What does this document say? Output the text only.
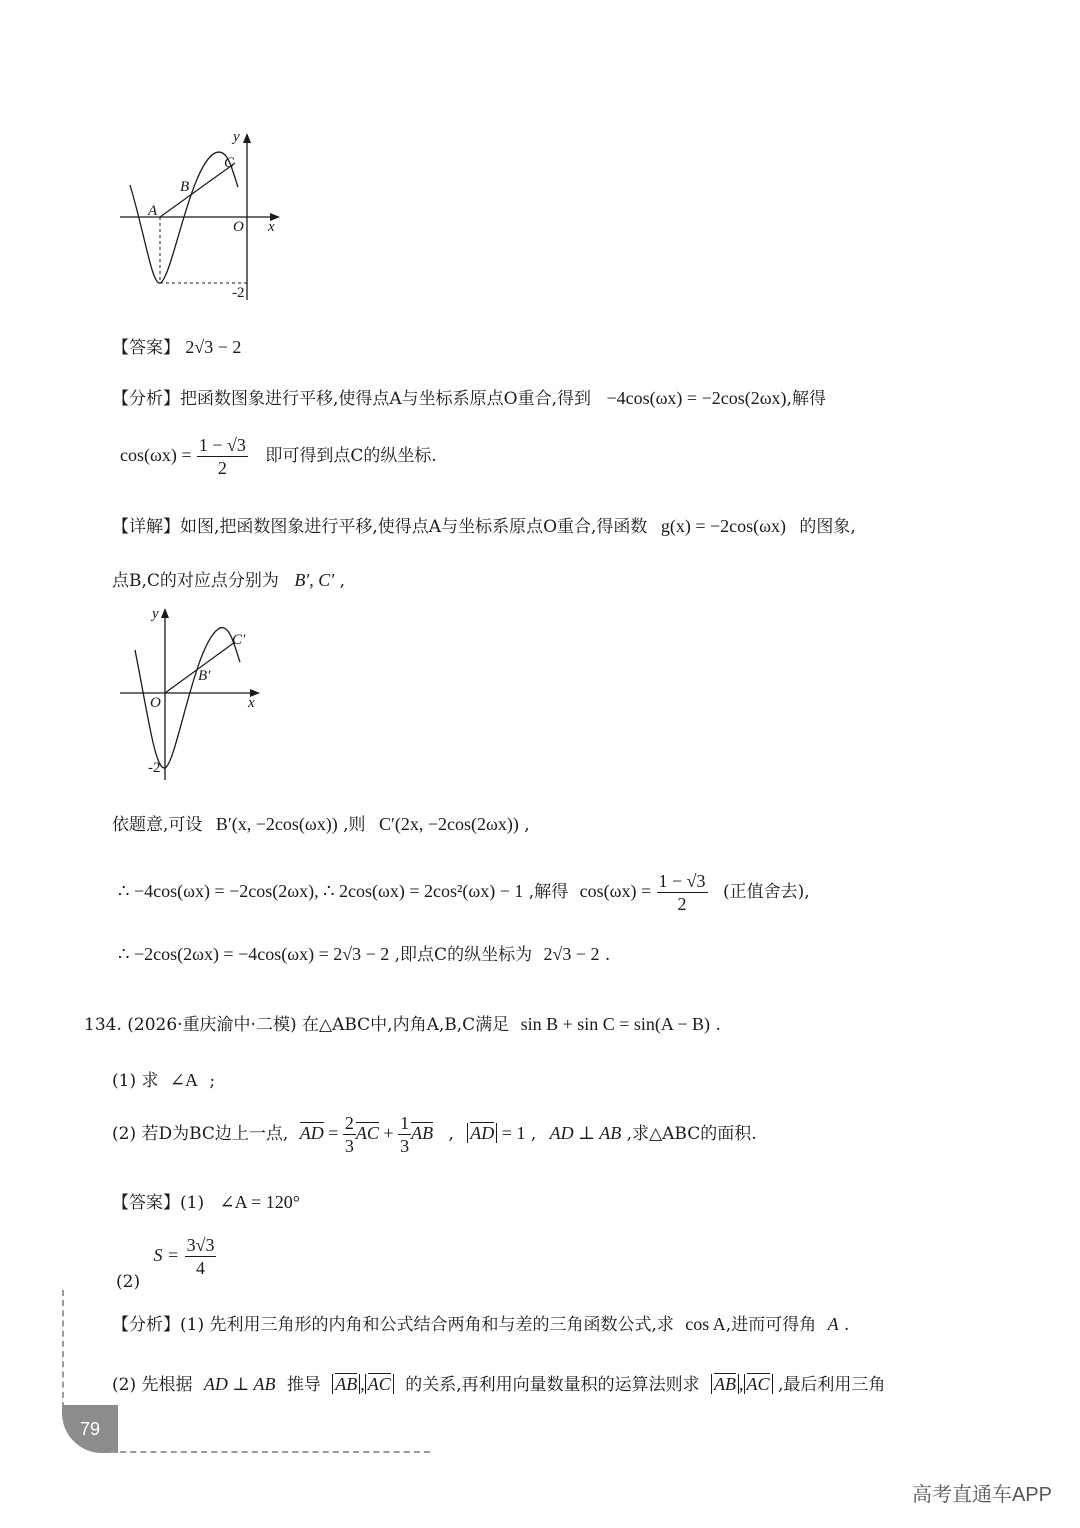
y
x
O
A
B
C
-2
【答案】 2√3 − 2
【分析】把函数图象进行平移,使得点A与坐标系原点O重合,得到 −4cos(ωx) = −2cos(2ωx),解得
$\cos(\omega x) = \frac{1 - √3}{2}$ 即可得到点C的纵坐标.
【详解】如图,把函数图象进行平移,使得点A与坐标系原点O重合,得函数 g(x) = −2cos(ωx) 的图象,
点B,C的对应点分别为 B′, C′ ,
y
x
O
B′
C′
-2
依题意,可设 B′(x, −2cos(ωx)) ,则 C′(2x, −2cos(2ωx)) ,
∴ −4cos(ωx) = −2cos(2ωx), ∴ 2cos(ωx) = 2cos²(ωx) − 1 ,解得 $\cos(\omega x) = \frac{1 - √3}{2}$ (正值舍去),
∴ −2cos(2ωx) = −4cos(ωx) = 2√3 − 2 ,即点C的纵坐标为 2√3 − 2 .
134. (2026·重庆渝中·二模) 在△ABC中,内角A,B,C满足 sin B + sin C = sin(A − B) .
(1) 求 ∠A ;
(2) 若D为BC边上一点, AD = $\frac{2}{3}$ AC + $\frac{1}{3}$ AB , AD = 1 , AD ⊥ AB ,求△ABC的面积.
【答案】(1) ∠A = 120°
(2) $S = \frac{3√3}{4}$
【分析】(1) 先利用三角形的内角和公式结合两角和与差的三角函数公式,求 cos A,进而可得角 A .
(2) 先根据 AD ⊥ AB 推导 AB , AC 的关系,再利用向量数量积的运算法则求 AB , AC ,最后利用三角
79
高考直通车APP
